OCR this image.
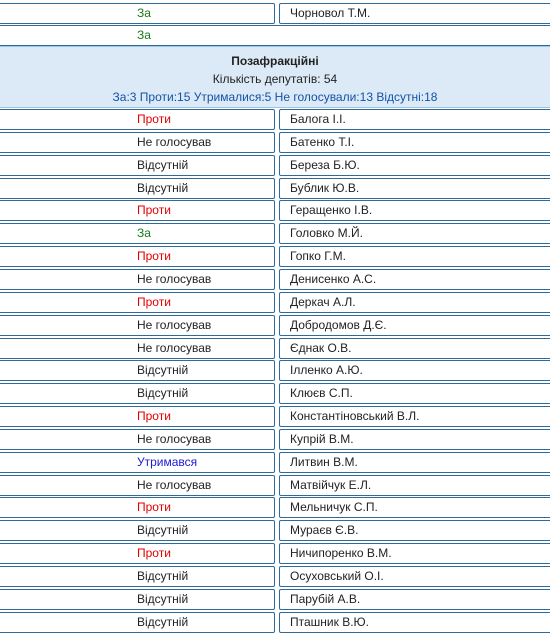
За	Чорновол Т.М.
За
Позафракційні
Кількість депутатів: 54
За:3 Проти:15 Утрималися:5 Не голосували:13 Відсутні:18
Проти	Балога І.І.
Не голосував	Батенко Т.І.
Відсутній	Береза Б.Ю.
Відсутній	Бублик Ю.В.
Проти	Геращенко І.В.
За	Головко М.Й.
Проти	Гопко Г.М.
Не голосував	Денисенко А.С.
Проти	Деркач А.Л.
Не голосував	Добродомов Д.Є.
Не голосував	Єднак О.В.
Відсутній	Ілленко А.Ю.
Відсутній	Клюєв С.П.
Проти	Константіновський В.Л.
Не голосував	Купрій В.М.
Утримався	Литвин В.М.
Не голосував	Матвійчук Е.Л.
Проти	Мельничук С.П.
Відсутній	Мураєв Є.В.
Проти	Ничипоренко В.М.
Відсутній	Осуховський О.І.
Відсутній	Парубій А.В.
Відсутній	Пташник В.Ю.
